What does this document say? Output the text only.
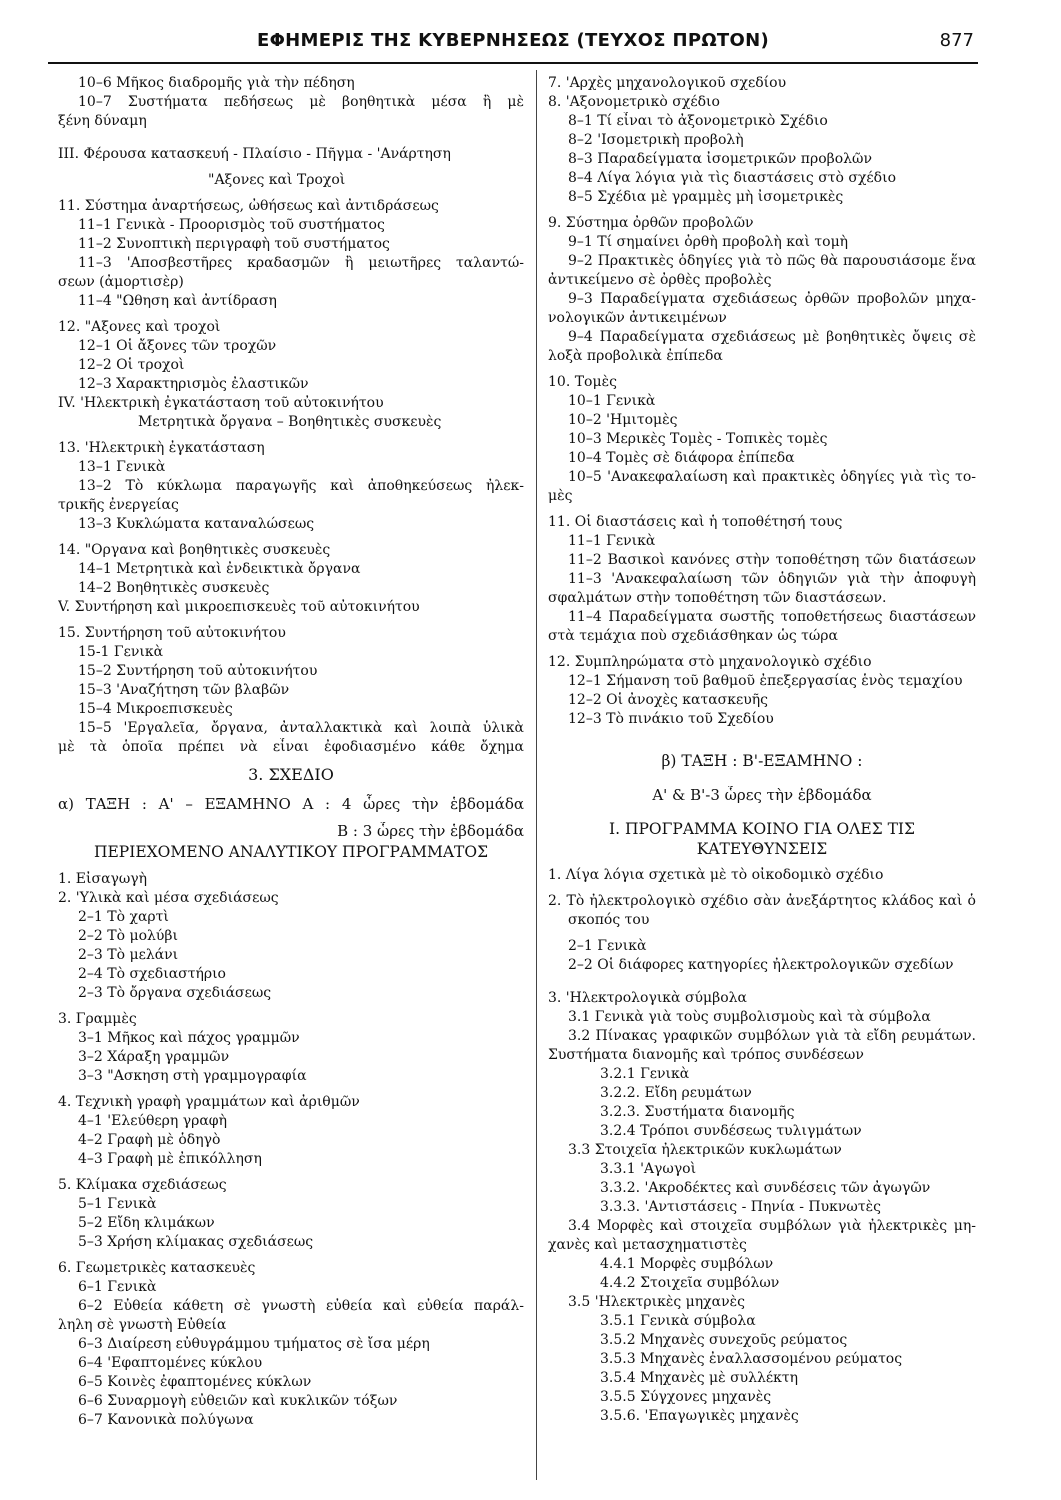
ΕΦΗΜΕΡΙΣ ΤΗΣ ΚΥΒΕΡΝΗΣΕΩΣ (ΤΕΥΧΟΣ ΠΡΩΤΟΝ)	877
10–6 Μῆκος διαδρομῆς γιὰ τὴν πέδηση
10–7 Συστήματα πεδήσεως μὲ βοηθητικὰ μέσα ἢ μὲ
ξένη δύναμη
ΙΙΙ. Φέρουσα κατασκευή - Πλαίσιο - Πῆγμα - 'Ανάρτηση
"Αξονες καὶ Τροχοὶ
11. Σύστημα ἀναρτήσεως, ὠθήσεως καὶ ἀντιδράσεως
11–1 Γενικὰ - Προορισμὸς τοῦ συστήματος
11–2 Συνοπτικὴ περιγραφὴ τοῦ συστήματος
11–3 'Αποσβεστῆρες κραδασμῶν ἢ μειωτῆρες ταλαντώ-
σεων (ἀμορτισὲρ)
11–4 "Ωθηση καὶ ἀντίδραση
12. "Αξονες καὶ τροχοὶ
12–1 Οἱ ἄξονες τῶν τροχῶν
12–2 Οἱ τροχοὶ
12–3 Χαρακτηρισμὸς ἐλαστικῶν
IV. 'Ηλεκτρικὴ ἐγκατάσταση τοῦ αὐτοκινήτου
Μετρητικὰ ὄργανα – Βοηθητικὲς συσκευὲς
13. 'Ηλεκτρικὴ ἐγκατάσταση
13–1 Γενικὰ
13–2 Τὸ κύκλωμα παραγωγῆς καὶ ἀποθηκεύσεως ἠλεκ-
τρικῆς ἐνεργείας
13–3 Κυκλώματα καταναλώσεως
14. "Οργανα καὶ βοηθητικὲς συσκευὲς
14–1 Μετρητικὰ καὶ ἐνδεικτικὰ ὄργανα
14–2 Βοηθητικὲς συσκευὲς
V. Συντήρηση καὶ μικροεπισκευὲς τοῦ αὐτοκινήτου
15. Συντήρηση τοῦ αὐτοκινήτου
15-1 Γενικὰ
15–2 Συντήρηση τοῦ αὐτοκινήτου
15–3 'Αναζήτηση τῶν βλαβῶν
15–4 Μικροεπισκευὲς
15–5 'Εργαλεῖα, ὄργανα, ἀνταλλακτικὰ καὶ λοιπὰ ὑλικὰ
μὲ τὰ ὁποῖα πρέπει νὰ εἶναι ἐφοδιασμένο κάθε ὄχημα
3. ΣΧΕΔΙΟ
α) ΤΑΞΗ : Α' – ΕΞΑΜΗΝΟ Α : 4 ὧρες τὴν ἑβδομάδα
Β : 3 ὧρες τὴν ἑβδομάδα
ΠΕΡΙΕΧΟΜΕΝΟ ΑΝΑΛΥΤΙΚΟΥ ΠΡΟΓΡΑΜΜΑΤΟΣ
1. Εἰσαγωγὴ
2. 'Υλικὰ καὶ μέσα σχεδιάσεως
2–1 Τὸ χαρτὶ
2–2 Τὸ μολύβι
2–3 Τὸ μελάνι
2–4 Τὸ σχεδιαστήριο
2–3 Τὸ ὄργανα σχεδιάσεως
3. Γραμμὲς
3–1 Μῆκος καὶ πάχος γραμμῶν
3–2 Χάραξη γραμμῶν
3–3 "Ασκηση στὴ γραμμογραφία
4. Τεχνικὴ γραφὴ γραμμάτων καὶ ἀριθμῶν
4–1 'Ελεύθερη γραφὴ
4–2 Γραφὴ μὲ ὁδηγὸ
4–3 Γραφὴ μὲ ἐπικόλληση
5. Κλίμακα σχεδιάσεως
5–1 Γενικὰ
5–2 Εἴδη κλιμάκων
5–3 Χρήση κλίμακας σχεδιάσεως
6. Γεωμετρικὲς κατασκευὲς
6–1 Γενικὰ
6–2 Εὐθεία κάθετη σὲ γνωστὴ εὐθεία καὶ εὐθεία παράλ-
ληλη σὲ γνωστὴ Εὐθεία
6–3 Διαίρεση εὐθυγράμμου τμήματος σὲ ἴσα μέρη
6–4 'Εφαπτομένες κύκλου
6–5 Κοινὲς ἐφαπτομένες κύκλων
6–6 Συναρμογὴ εὐθειῶν καὶ κυκλικῶν τόξων
6–7 Κανονικὰ πολύγωνα
7. 'Αρχὲς μηχανολογικοῦ σχεδίου
8. 'Αξονομετρικὸ σχέδιο
8–1 Τί εἶναι τὸ ἀξονομετρικὸ Σχέδιο
8–2 'Ισομετρικὴ προβολὴ
8–3 Παραδείγματα ἰσομετρικῶν προβολῶν
8–4 Λίγα λόγια γιὰ τὶς διαστάσεις στὸ σχέδιο
8–5 Σχέδια μὲ γραμμὲς μὴ ἰσομετρικὲς
9. Σύστημα ὀρθῶν προβολῶν
9–1 Τί σημαίνει ὀρθὴ προβολὴ καὶ τομὴ
9–2 Πρακτικὲς ὁδηγίες γιὰ τὸ πῶς θὰ παρουσιάσομε ἕνα
ἀντικείμενο σὲ ὀρθὲς προβολὲς
9–3 Παραδείγματα σχεδιάσεως ὀρθῶν προβολῶν μηχα-
νολογικῶν ἀντικειμένων
9–4 Παραδείγματα σχεδιάσεως μὲ βοηθητικὲς ὄψεις σὲ
λοξὰ προβολικὰ ἐπίπεδα
10. Τομὲς
10–1 Γενικὰ
10–2 'Ημιτομὲς
10–3 Μερικὲς Τομὲς - Τοπικὲς τομὲς
10–4 Τομὲς σὲ διάφορα ἐπίπεδα
10–5 'Ανακεφαλαίωση καὶ πρακτικὲς ὁδηγίες γιὰ τὶς το-
μὲς
11. Οἱ διαστάσεις καὶ ἡ τοποθέτησή τους
11–1 Γενικὰ
11–2 Βασικοὶ κανόνες στὴν τοποθέτηση τῶν διατάσεων
11–3 'Ανακεφαλαίωση τῶν ὁδηγιῶν γιὰ τὴν ἀποφυγὴ
σφαλμάτων στὴν τοποθέτηση τῶν διαστάσεων.
11–4 Παραδείγματα σωστῆς τοποθετήσεως διαστάσεων
στὰ τεμάχια ποὺ σχεδιάσθηκαν ὡς τώρα
12. Συμπληρώματα στὸ μηχανολογικὸ σχέδιο
12–1 Σήμανση τοῦ βαθμοῦ ἐπεξεργασίας ἑνὸς τεμαχίου
12–2 Οἱ ἀνοχὲς κατασκευῆς
12–3 Τὸ πινάκιο τοῦ Σχεδίου
β) ΤΑΞΗ : Β'-ΕΞΑΜΗΝΟ :
Α' & Β'-3 ὧρες τὴν ἑβδομάδα
Ι. ΠΡΟΓΡΑΜΜΑ ΚΟΙΝΟ ΓΙΑ ΟΛΕΣ ΤΙΣ
ΚΑΤΕΥΘΥΝΣΕΙΣ
1. Λίγα λόγια σχετικὰ μὲ τὸ οἰκοδομικὸ σχέδιο
2. Τὸ ἠλεκτρολογικὸ σχέδιο σὰν ἀνεξάρτητος κλάδος καὶ ὁ
σκοπός του
2–1 Γενικὰ
2–2 Οἱ διάφορες κατηγορίες ἠλεκτρολογικῶν σχεδίων
3. 'Ηλεκτρολογικὰ σύμβολα
3.1 Γενικὰ γιὰ τοὺς συμβολισμοὺς καὶ τὰ σύμβολα
3.2 Πίνακας γραφικῶν συμβόλων γιὰ τὰ εἴδη ρευμάτων.
Συστήματα διανομῆς καὶ τρόπος συνδέσεων
3.2.1 Γενικὰ
3.2.2. Εἴδη ρευμάτων
3.2.3. Συστήματα διανομῆς
3.2.4 Τρόποι συνδέσεως τυλιγμάτων
3.3 Στοιχεῖα ἠλεκτρικῶν κυκλωμάτων
3.3.1 'Αγωγοὶ
3.3.2. 'Ακροδέκτες καὶ συνδέσεις τῶν ἀγωγῶν
3.3.3. 'Αντιστάσεις - Πηνία - Πυκνωτὲς
3.4 Μορφὲς καὶ στοιχεῖα συμβόλων γιὰ ἠλεκτρικὲς μη-
χανὲς καὶ μετασχηματιστὲς
4.4.1 Μορφὲς συμβόλων
4.4.2 Στοιχεῖα συμβόλων
3.5 'Ηλεκτρικὲς μηχανὲς
3.5.1 Γενικὰ σύμβολα
3.5.2 Μηχανὲς συνεχοῦς ρεύματος
3.5.3 Μηχανὲς ἐναλλασσομένου ρεύματος
3.5.4 Μηχανὲς μὲ συλλέκτη
3.5.5 Σύγχονες μηχανὲς
3.5.6. 'Επαγωγικὲς μηχανὲς
